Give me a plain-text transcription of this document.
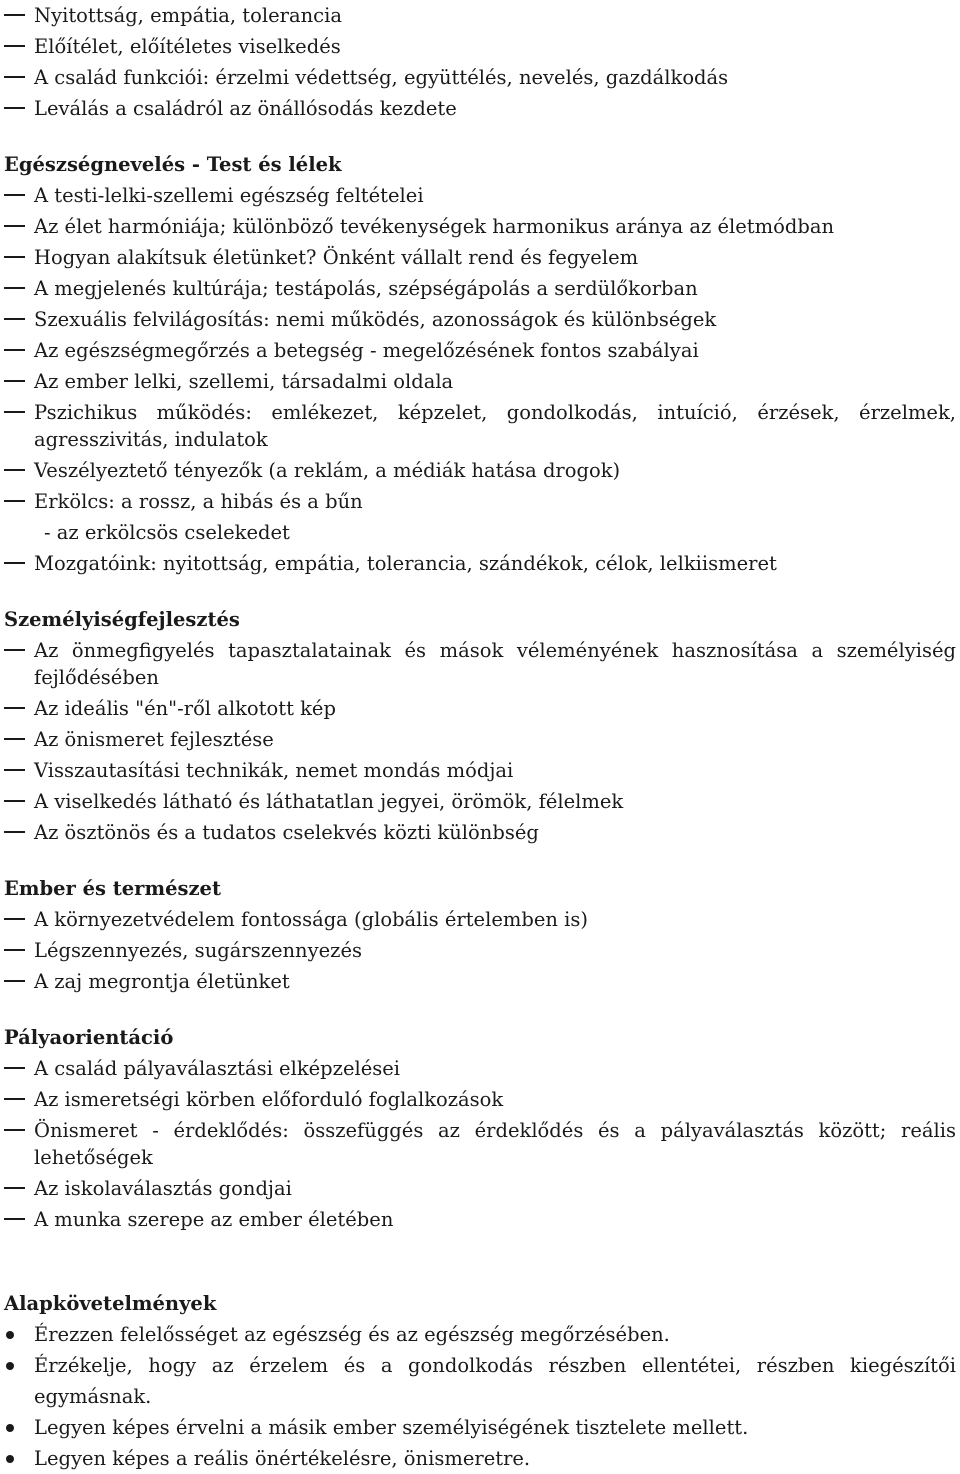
Nyitottság, empátia, tolerancia
Előítélet, előítéletes viselkedés
A család funkciói: érzelmi védettség, együttélés, nevelés, gazdálkodás
Leválás a családról az önállósodás kezdete
Egészségnevelés - Test és lélek
A testi-lelki-szellemi egészség feltételei
Az élet harmóniája; különböző tevékenységek harmonikus aránya az életmódban
Hogyan alakítsuk életünket? Önként vállalt rend és fegyelem
A megjelenés kultúrája; testápolás, szépségápolás a serdülőkorban
Szexuális felvilágosítás: nemi működés, azonosságok és különbségek
Az egészségmegőrzés a betegség - megelőzésének fontos szabályai
Az ember lelki, szellemi, társadalmi oldala
Pszichikus működés: emlékezet, képzelet, gondolkodás, intuíció, érzések, érzelmek, agresszivitás, indulatok
Veszélyeztető tényezők (a reklám, a médiák hatása drogok)
Erkölcs: a rossz, a hibás és a bűn
- az erkölcsös cselekedet
Mozgatóink: nyitottság, empátia, tolerancia, szándékok, célok, lelkiismeret
Személyiségfejlesztés
Az önmegfigyelés tapasztalatainak és mások véleményének hasznosítása a személyiség fejlődésében
Az ideális "én"-ről alkotott kép
Az önismeret fejlesztése
Visszautasítási technikák, nemet mondás módjai
A viselkedés látható és láthatatlan jegyei, örömök, félelmek
Az ösztönös és a tudatos cselekvés közti különbség
Ember és természet
A környezetvédelem fontossága (globális értelemben is)
Légszennyezés, sugárszennyezés
A zaj megrontja életünket
Pályaorientáció
A család pályaválasztási elképzelései
Az ismeretségi körben előforduló foglalkozások
Önismeret - érdeklődés: összefüggés az érdeklődés és a pályaválasztás között; reális lehetőségek
Az iskolaválasztás gondjai
A munka szerepe az ember életében
Alapkövetelmények
Érezzen felelősséget az egészség és az egészség megőrzésében.
Érzékelje, hogy az érzelem és a gondolkodás részben ellentétei, részben kiegészítői egymásnak.
Legyen képes érvelni a másik ember személyiségének tisztelete mellett.
Legyen képes a reális önértékelésre, önismeretre.
